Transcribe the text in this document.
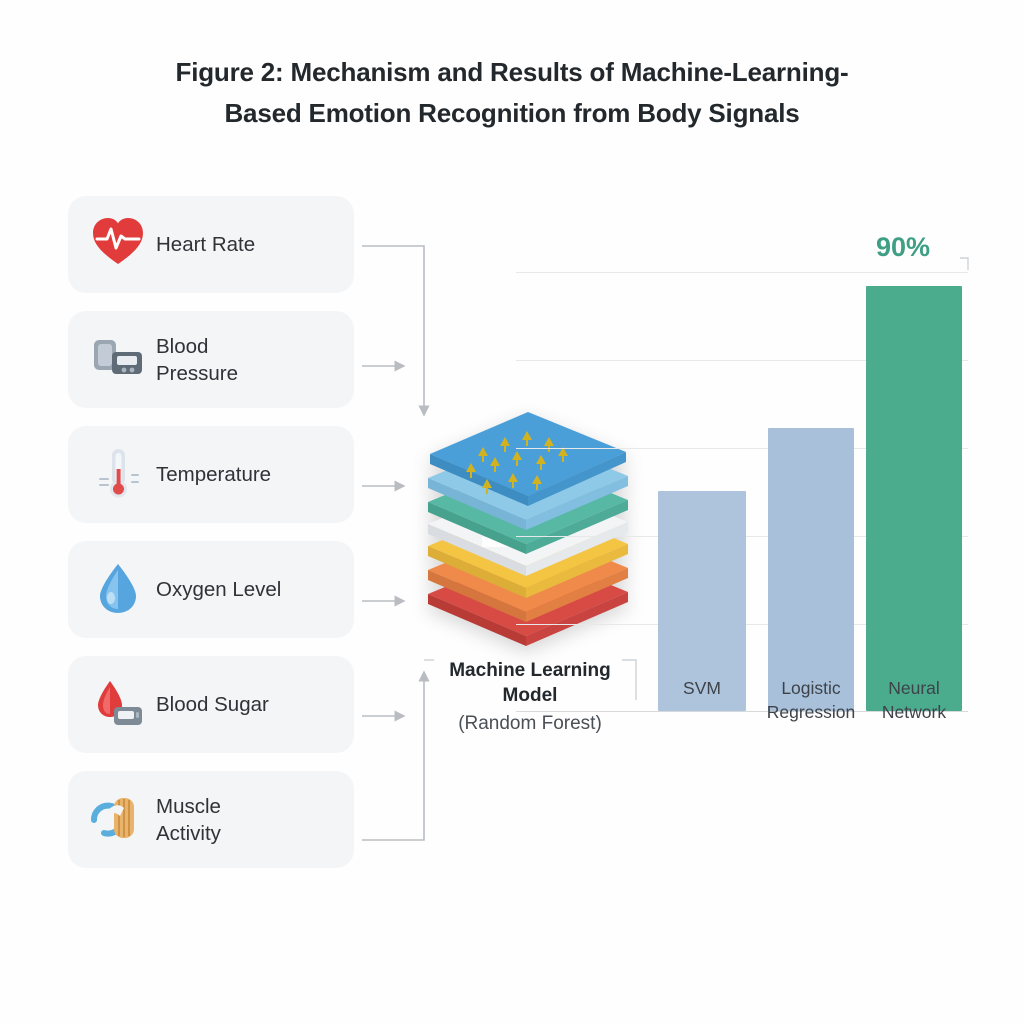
Figure 2: Mechanism and Results of Machine-Learning-
Based Emotion Recognition from Body Signals
Heart Rate
Blood
Pressure
Temperature
Oxygen Level
Blood Sugar
Muscle
Activity
Machine Learning Model
(Random Forest)
90%
SVM	Logistic
Regression
Neural
Network
